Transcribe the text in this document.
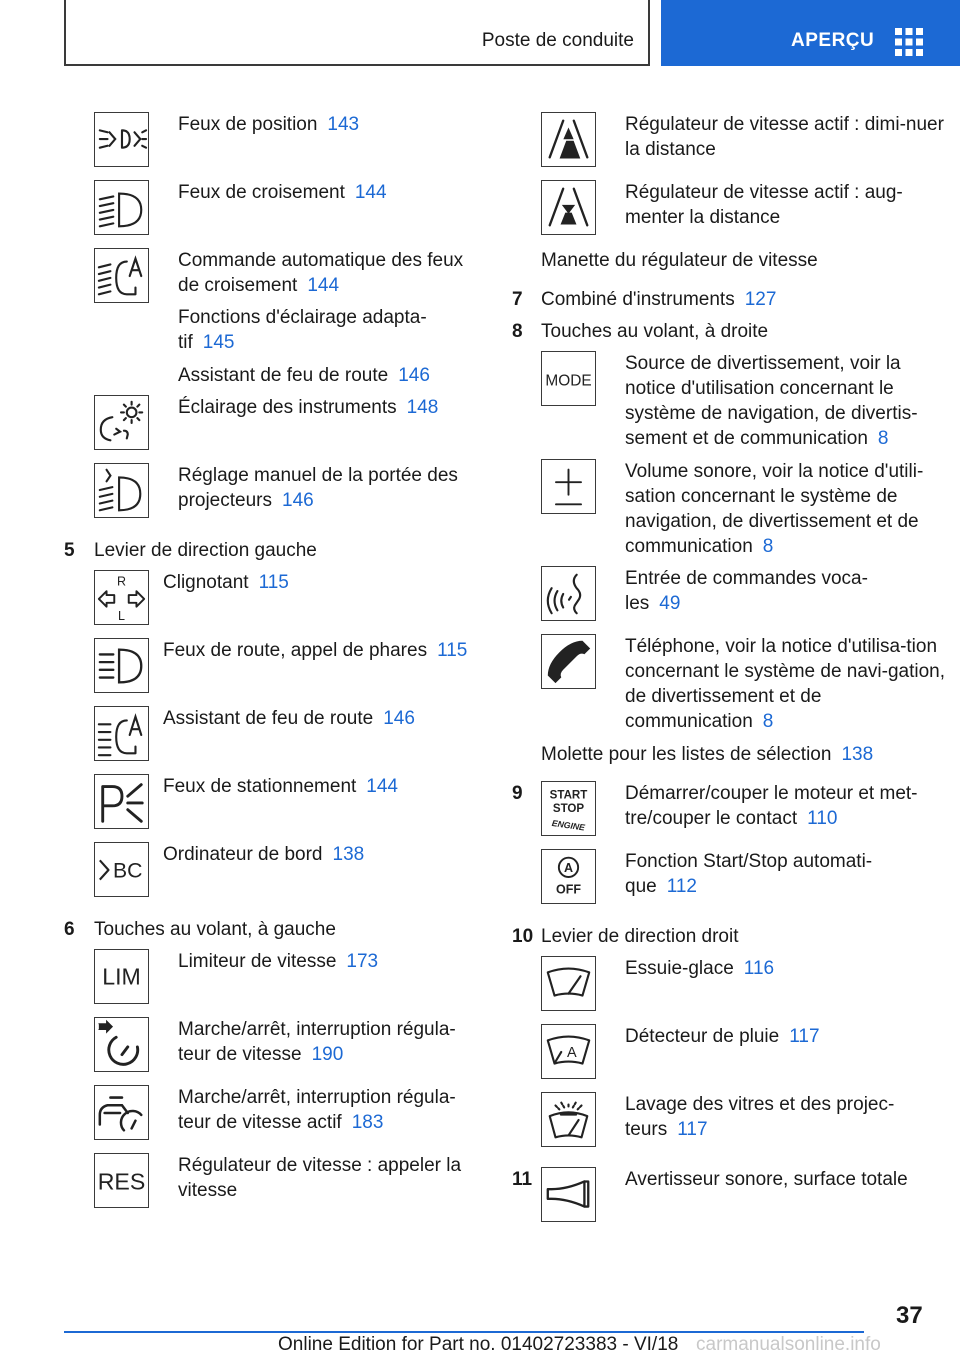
Poste de conduite	APERÇU
Feux de position 143
Feux de croisement 144
Commande automatique des feux de croisement 144
Fonctions d'éclairage adapta-tif 145
Assistant de feu de route 146
Éclairage des instruments 148
Réglage manuel de la portée des projecteurs 146
5 Levier de direction gauche
R
L
Clignotant 115
Feux de route, appel de phares 115
Assistant de feu de route 146
Feux de stationnement 144
BC
Ordinateur de bord 138
6 Touches au volant, à gauche
LIM
Limiteur de vitesse 173
Marche/arrêt, interruption régula-teur de vitesse 190
Marche/arrêt, interruption régula-teur de vitesse actif 183
RES
Régulateur de vitesse : appeler la vitesse
Régulateur de vitesse actif : dimi-nuer la distance
Régulateur de vitesse actif : aug-menter la distance
Manette du régulateur de vitesse
7 Combiné d'instruments 127
8 Touches au volant, à droite
MODE
Source de divertissement, voir la notice d'utilisation concernant le système de navigation, de divertis-sement et de communication 8
Volume sonore, voir la notice d'utili-sation concernant le système de navigation, de divertissement et de communication 8
Entrée de commandes voca-les 49
Téléphone, voir la notice d'utilisa-tion concernant le système de navi-gation, de divertissement et de communication 8
Molette pour les listes de sélection 138
9 START
STOP
ENGINE
Démarrer/couper le moteur et met-tre/couper le contact 110
A
OFF
Fonction Start/Stop automati-que 112
10 Levier de direction droit
Essuie-glace 116
A
Détecteur de pluie 117
Lavage des vitres et des projec-teurs 117
11	Avertisseur sonore, surface totale
37
Online Edition for Part no. 01402723383 - VI/18 carmanualsonline.info
